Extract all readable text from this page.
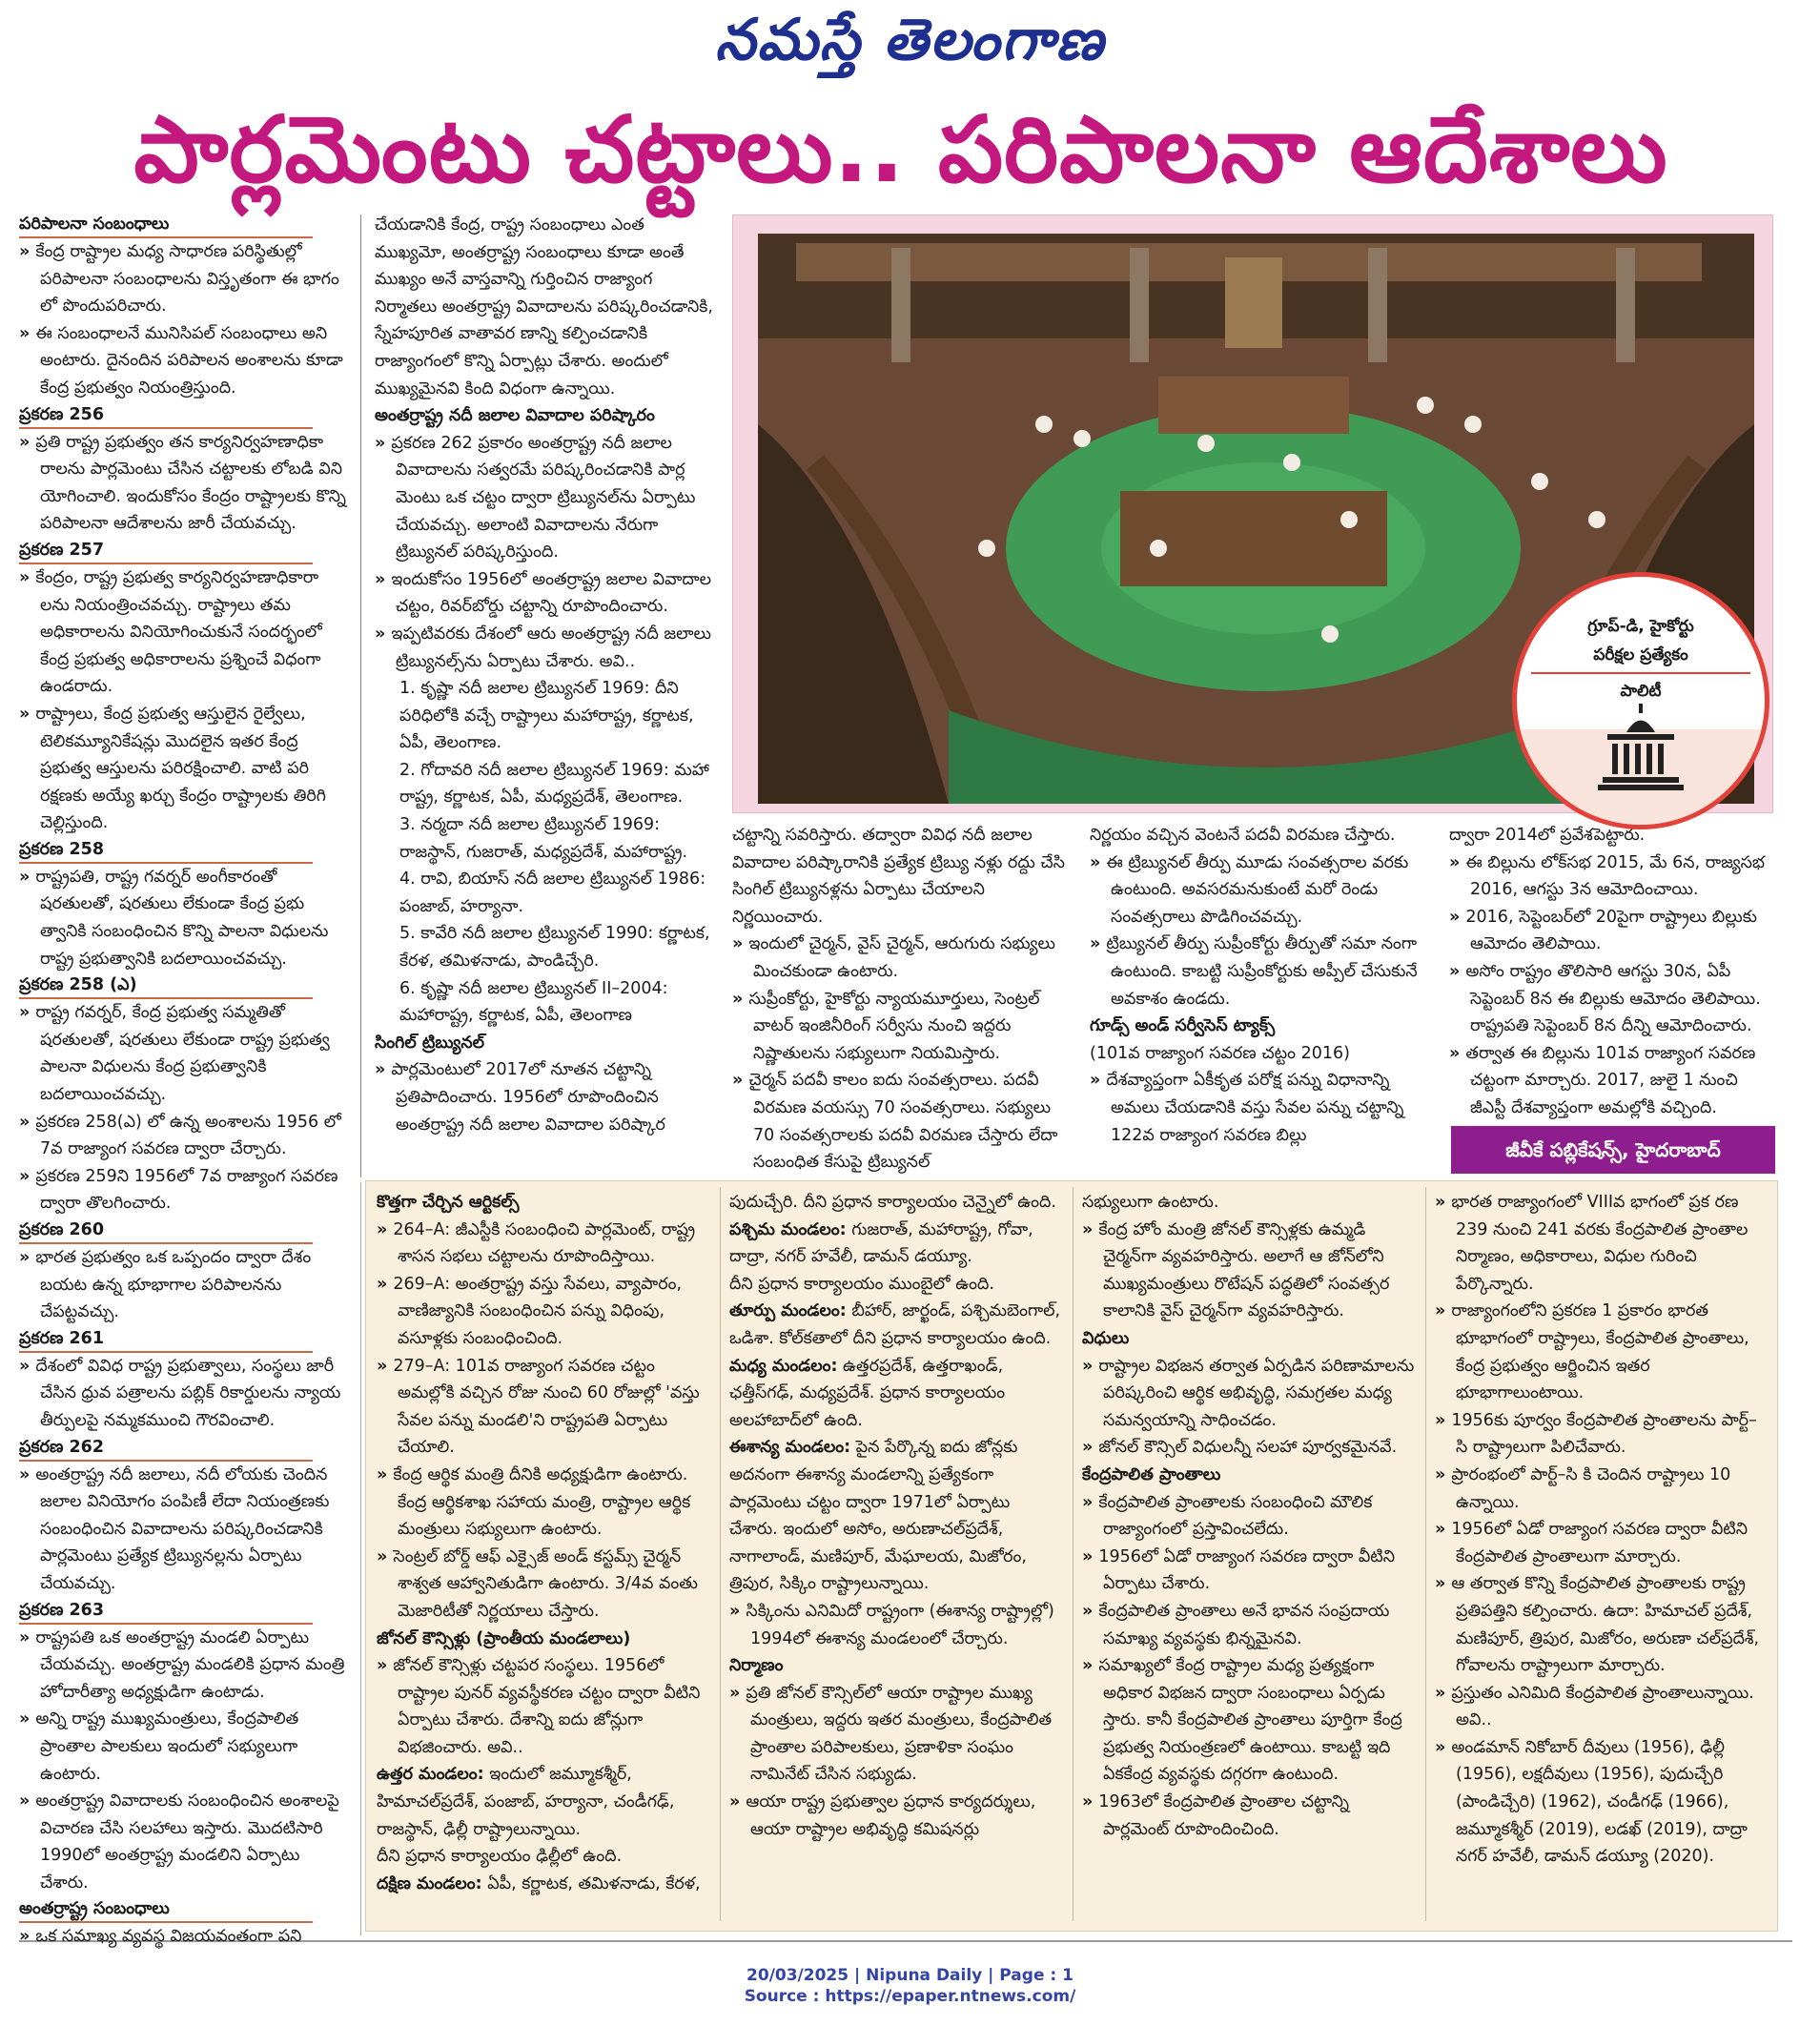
నమస్తే తెలంగాణ
పార్లమెంటు చట్టాలు.. పరిపాలనా ఆదేశాలు

పరిపాలనా సంబంధాలు

» కేంద్ర రాష్ట్రాల మధ్య సాధారణ పరిస్థితుల్లో పరిపాలనా సంబంధాలను విస్తృతంగా ఈ భాగం లో పొందుపరిచారు.

» ఈ సంబంధాలనే మునిసిపల్ సంబంధాలు అని అంటారు. దైనందిన పరిపాలన అంశాలను కూడా కేంద్ర ప్రభుత్వం నియంత్రిస్తుంది.

ప్రకరణ 256

» ప్రతి రాష్ట్ర ప్రభుత్వం తన కార్యనిర్వహణాధికా రాలను పార్లమెంటు చేసిన చట్టాలకు లోబడి విని యోగించాలి. ఇందుకోసం కేంద్రం రాష్ట్రాలకు కొన్ని పరిపాలనా ఆదేశాలను జారీ చేయవచ్చు.

ప్రకరణ 257

» కేంద్రం, రాష్ట్ర ప్రభుత్వ కార్యనిర్వహణాధికారా లను నియంత్రించవచ్చు. రాష్ట్రాలు తమ అధికారాలను వినియోగించుకునే సందర్భంలో కేంద్ర ప్రభుత్వ అధికారాలను ప్రశ్నించే విధంగా ఉండరాదు.

» రాష్ట్రాలు, కేంద్ర ప్రభుత్వ ఆస్తులైన రైల్వేలు, టెలికమ్యూనికేషన్లు మొదలైన ఇతర కేంద్ర ప్రభుత్వ ఆస్తులను పరిరక్షించాలి. వాటి పరి రక్షణకు అయ్యే ఖర్చు కేంద్రం రాష్ట్రాలకు తిరిగి చెల్లిస్తుంది.

ప్రకరణ 258

» రాష్ట్రపతి, రాష్ట్ర గవర్నర్ అంగీకారంతో షరతులతో, షరతులు లేకుండా కేంద్ర ప్రభు త్వానికి సంబంధించిన కొన్ని పాలనా విధులను రాష్ట్ర ప్రభుత్వానికి బదలాయించవచ్చు.

ప్రకరణ 258 (ఎ)

» రాష్ట్ర గవర్నర్, కేంద్ర ప్రభుత్వ సమ్మతితో షరతులతో, షరతులు లేకుండా రాష్ట్ర ప్రభుత్వ పాలనా విధులను కేంద్ర ప్రభుత్వానికి బదలాయించవచ్చు.

» ప్రకరణ 258(ఎ) లో ఉన్న అంశాలను 1956 లో 7వ రాజ్యాంగ సవరణ ద్వారా చేర్చారు.

» ప్రకరణ 259ని 1956లో 7వ రాజ్యాంగ సవరణ ద్వారా తొలగించారు.

ప్రకరణ 260

» భారత ప్రభుత్వం ఒక ఒప్పందం ద్వారా దేశం బయట ఉన్న భూభాగాల పరిపాలనను చేపట్టవచ్చు.

ప్రకరణ 261

» దేశంలో వివిధ రాష్ట్ర ప్రభుత్వాలు, సంస్థలు జారీ చేసిన ధ్రువ పత్రాలను పబ్లిక్ రికార్డులను న్యాయ తీర్పులపై నమ్మకముంచి గౌరవించాలి.

ప్రకరణ 262

» అంతర్రాష్ట్ర నదీ జలాలు, నదీ లోయకు చెందిన జలాల వినియోగం పంపిణీ లేదా నియంత్రణకు సంబంధించిన వివాదాలను పరిష్కరించడానికి పార్లమెంటు ప్రత్యేక ట్రిబ్యునల్లను ఏర్పాటు చేయవచ్చు.

ప్రకరణ 263

» రాష్ట్రపతి ఒక అంతర్రాష్ట్ర మండలి ఏర్పాటు చేయవచ్చు. అంతర్రాష్ట్ర మండలికి ప్రధాన మంత్రి హోదారీత్యా అధ్యక్షుడిగా ఉంటాడు.

» అన్ని రాష్ట్ర ముఖ్యమంత్రులు, కేంద్రపాలిత ప్రాంతాల పాలకులు ఇందులో సభ్యులుగా ఉంటారు.

» అంతర్రాష్ట్ర వివాదాలకు సంబంధించిన అంశాలపై విచారణ చేసి సలహాలు ఇస్తారు. మొదటిసారి 1990లో అంతర్రాష్ట్ర మండలిని ఏర్పాటు చేశారు.

అంతర్రాష్ట్ర సంబంధాలు

» ఒక సమాఖ్య వ్యవస్థ విజయవంతంగా పని

చేయడానికి కేంద్ర, రాష్ట్ర సంబంధాలు ఎంత ముఖ్యమో, అంతర్రాష్ట్ర సంబంధాలు కూడా అంతే ముఖ్యం అనే వాస్తవాన్ని గుర్తించిన రాజ్యాంగ నిర్మాతలు అంతర్రాష్ట్ర వివాదాలను పరిష్కరించడానికి, స్నేహపూరిత వాతావర ణాన్ని కల్పించడానికి రాజ్యాంగంలో కొన్ని ఏర్పాట్లు చేశారు. అందులో ముఖ్యమైనవి కింది విధంగా ఉన్నాయి.

అంతర్రాష్ట్ర నదీ జలాల వివాదాల పరిష్కారం

» ప్రకరణ 262 ప్రకారం అంతర్రాష్ట్ర నదీ జలాల వివాదాలను సత్వరమే పరిష్కరించడానికి పార్ల మెంటు ఒక చట్టం ద్వారా ట్రిబ్యునల్‌ను ఏర్పాటు చేయవచ్చు. అలాంటి వివాదాలను నేరుగా ట్రిబ్యునల్ పరిష్కరిస్తుంది.

» ఇందుకోసం 1956లో అంతర్రాష్ట్ర జలాల వివాదాల చట్టం, రివర్‌బోర్డు చట్టాన్ని రూపొందించారు.

» ఇప్పటివరకు దేశంలో ఆరు అంతర్రాష్ట్ర నదీ జలాలు ట్రిబ్యునల్స్‌ను ఏర్పాటు చేశారు. అవి..

1. కృష్ణా నదీ జలాల ట్రిబ్యునల్ 1969: దీని పరిధిలోకి వచ్చే రాష్ట్రాలు మహారాష్ట్ర, కర్ణాటక, ఏపీ, తెలంగాణ.

2. గోదావరి నదీ జలాల ట్రిబ్యునల్ 1969: మహా రాష్ట్ర, కర్ణాటక, ఏపీ, మధ్యప్రదేశ్, తెలంగాణ.

3. నర్మదా నదీ జలాల ట్రిబ్యునల్ 1969: రాజస్థాన్, గుజరాత్, మధ్యప్రదేశ్, మహారాష్ట్ర.

4. రావి, బియాస్ నదీ జలాల ట్రిబ్యునల్ 1986: పంజాబ్, హర్యానా.

5. కావేరి నదీ జలాల ట్రిబ్యునల్ 1990: కర్ణాటక, కేరళ, తమిళనాడు, పాండిచ్చేరి.

6. కృష్ణా నదీ జలాల ట్రిబ్యునల్ II–2004: మహారాష్ట్ర, కర్ణాటక, ఏపీ, తెలంగాణ

సింగిల్ ట్రిబ్యునల్

» పార్లమెంటులో 2017లో నూతన చట్టాన్ని ప్రతిపాదించారు. 1956లో రూపొందించిన అంతర్రాష్ట్ర నదీ జలాల వివాదాల పరిష్కార

చట్టాన్ని సవరిస్తారు. తద్వారా వివిధ నదీ జలాల వివాదాల పరిష్కారానికి ప్రత్యేక ట్రిబ్యు నళ్లు రద్దు చేసి సింగిల్ ట్రిబ్యునళ్లను ఏర్పాటు చేయాలని నిర్ణయించారు.

» ఇందులో చైర్మన్, వైస్ చైర్మన్, ఆరుగురు సభ్యులు మించకుండా ఉంటారు.

» సుప్రీంకోర్టు, హైకోర్టు న్యాయమూర్తులు, సెంట్రల్ వాటర్ ఇంజినీరింగ్ సర్వీసు నుంచి ఇద్దరు నిష్ణాతులను సభ్యులుగా నియమిస్తారు.

» చైర్మన్ పదవీ కాలం ఐదు సంవత్సరాలు. పదవీ విరమణ వయస్సు 70 సంవత్సరాలు. సభ్యులు 70 సంవత్సరాలకు పదవీ విరమణ చేస్తారు లేదా సంబంధిత కేసుపై ట్రిబ్యునల్

నిర్ణయం వచ్చిన వెంటనే పదవీ విరమణ చేస్తారు.

» ఈ ట్రిబ్యునల్ తీర్పు మూడు సంవత్సరాల వరకు ఉంటుంది. అవసరమనుకుంటే మరో రెండు సంవత్సరాలు పొడిగించవచ్చు.

» ట్రిబ్యునల్ తీర్పు సుప్రీంకోర్టు తీర్పుతో సమా నంగా ఉంటుంది. కాబట్టి సుప్రీంకోర్టుకు అప్పీల్ చేసుకునే అవకాశం ఉండదు.

గూడ్స్ అండ్ సర్వీసెస్ ట్యాక్స్

(101వ రాజ్యాంగ సవరణ చట్టం 2016)

» దేశవ్యాప్తంగా ఏకీకృత పరోక్ష పన్ను విధానాన్ని అమలు చేయడానికి వస్తు సేవల పన్ను చట్టాన్ని 122వ రాజ్యాంగ సవరణ బిల్లు

ద్వారా 2014లో ప్రవేశపెట్టారు.

» ఈ బిల్లును లోక్‌సభ 2015, మే 6న, రాజ్యసభ 2016, ఆగస్టు 3న ఆమోదించాయి.

» 2016, సెప్టెంబర్‌లో 20పైగా రాష్ట్రాలు బిల్లుకు ఆమోదం తెలిపాయి.

» అసోం రాష్ట్రం తొలిసారి ఆగస్టు 30న, ఏపీ సెప్టెంబర్ 8న ఈ బిల్లుకు ఆమోదం తెలిపాయి. రాష్ట్రపతి సెప్టెంబర్ 8న దీన్ని ఆమోదించారు.

» తర్వాత ఈ బిల్లును 101వ రాజ్యాంగ సవరణ చట్టంగా మార్చారు. 2017, జులై 1 నుంచి జీఎస్టీ దేశవ్యాప్తంగా అమల్లోకి వచ్చింది.

గ్రూప్-డి, హైకోర్టు
పరీక్షల ప్రత్యేకం
పాలిటీ
జీవీకే పబ్లికేషన్స్, హైదరాబాద్

కొత్తగా చేర్చిన ఆర్టికల్స్

» 264–A: జీఎస్టీకి సంబంధించి పార్లమెంట్, రాష్ట్ర శాసన సభలు చట్టాలను రూపొందిస్తాయి.

» 269–A: అంతర్రాష్ట్ర వస్తు సేవలు, వ్యాపారం, వాణిజ్యానికి సంబంధించిన పన్ను విధింపు, వసూళ్లకు సంబంధించింది.

» 279–A: 101వ రాజ్యాంగ సవరణ చట్టం అమల్లోకి వచ్చిన రోజు నుంచి 60 రోజుల్లో 'వస్తు సేవల పన్ను మండలి'ని రాష్ట్రపతి ఏర్పాటు చేయాలి.

» కేంద్ర ఆర్థిక మంత్రి దీనికి అధ్యక్షుడిగా ఉంటారు. కేంద్ర ఆర్థికశాఖ సహాయ మంత్రి, రాష్ట్రాల ఆర్థిక మంత్రులు సభ్యులుగా ఉంటారు.

» సెంట్రల్ బోర్డ్ ఆఫ్ ఎక్సైజ్ అండ్ కస్టమ్స్ చైర్మన్ శాశ్వత ఆహ్వానితుడిగా ఉంటారు. 3/4వ వంతు మెజారిటీతో నిర్ణయాలు చేస్తారు.

జోనల్ కౌన్సిళ్లు (ప్రాంతీయ మండలాలు)

» జోనల్ కౌన్సిళ్లు చట్టపర సంస్థలు. 1956లో రాష్ట్రాల పునర్ వ్యవస్థీకరణ చట్టం ద్వారా వీటిని ఏర్పాటు చేశారు. దేశాన్ని ఐదు జోన్లుగా విభజించారు. అవి..

ఉత్తర మండలం: ఇందులో జమ్మూకశ్మీర్, హిమాచల్‌ప్రదేశ్, పంజాబ్, హర్యానా, చండీగఢ్, రాజస్థాన్, ఢిల్లీ రాష్ట్రాలున్నాయి.

దీని ప్రధాన కార్యాలయం ఢిల్లీలో ఉంది.

దక్షిణ మండలం: ఏపీ, కర్ణాటక, తమిళనాడు, కేరళ,

పుదుచ్చేరి. దీని ప్రధాన కార్యాలయం చెన్నైలో ఉంది.

పశ్చిమ మండలం: గుజరాత్, మహారాష్ట్ర, గోవా, దాద్రా, నగర్ హవేలీ, డామన్ డయ్యూ.

దీని ప్రధాన కార్యాలయం ముంబైలో ఉంది.

తూర్పు మండలం: బీహార్, జార్ఖండ్, పశ్చిమబెంగాల్, ఒడిశా. కోల్‌కతాలో దీని ప్రధాన కార్యాలయం ఉంది.

మధ్య మండలం: ఉత్తరప్రదేశ్, ఉత్తరాఖండ్, ఛత్తీస్‌గఢ్, మధ్యప్రదేశ్. ప్రధాన కార్యాలయం అలహాబాద్‌లో ఉంది.

ఈశాన్య మండలం: పైన పేర్కొన్న ఐదు జోన్లకు అదనంగా ఈశాన్య మండలాన్ని ప్రత్యేకంగా పార్లమెంటు చట్టం ద్వారా 1971లో ఏర్పాటు చేశారు. ఇందులో అసోం, అరుణాచల్‌ప్రదేశ్, నాగాలాండ్, మణిపూర్, మేఘాలయ, మిజోరం, త్రిపుర, సిక్కిం రాష్ట్రాలున్నాయి.

» సిక్కింను ఎనిమిదో రాష్ట్రంగా (ఈశాన్య రాష్ట్రాల్లో) 1994లో ఈశాన్య మండలంలో చేర్చారు.

నిర్మాణం

» ప్రతి జోనల్ కౌన్సిల్‌లో ఆయా రాష్ట్రాల ముఖ్య మంత్రులు, ఇద్దరు ఇతర మంత్రులు, కేంద్రపాలిత ప్రాంతాల పరిపాలకులు, ప్రణాళికా సంఘం నామినేట్ చేసిన సభ్యుడు.

» ఆయా రాష్ట్ర ప్రభుత్వాల ప్రధాన కార్యదర్శులు, ఆయా రాష్ట్రాల అభివృద్ధి కమిషనర్లు

సభ్యులుగా ఉంటారు.

» కేంద్ర హోం మంత్రి జోనల్ కౌన్సిళ్లకు ఉమ్మడి చైర్మన్‌గా వ్యవహరిస్తారు. అలాగే ఆ జోన్‌లోని ముఖ్యమంత్రులు రొటేషన్ పద్ధతిలో సంవత్సర కాలానికి వైస్ చైర్మన్‌గా వ్యవహరిస్తారు.

విధులు

» రాష్ట్రాల విభజన తర్వాత ఏర్పడిన పరిణామాలను పరిష్కరించి ఆర్థిక అభివృద్ధి, సమగ్రతల మధ్య సమన్వయాన్ని సాధించడం.

» జోనల్ కౌన్సిల్ విధులన్నీ సలహా పూర్వకమైనవే.

కేంద్రపాలిత ప్రాంతాలు

» కేంద్రపాలిత ప్రాంతాలకు సంబంధించి మౌలిక రాజ్యాంగంలో ప్రస్తావించలేదు.

» 1956లో ఏడో రాజ్యాంగ సవరణ ద్వారా వీటిని ఏర్పాటు చేశారు.

» కేంద్రపాలిత ప్రాంతాలు అనే భావన సంప్రదాయ సమాఖ్య వ్యవస్థకు భిన్నమైనవి.

» సమాఖ్యలో కేంద్ర రాష్ట్రాల మధ్య ప్రత్యక్షంగా అధికార విభజన ద్వారా సంబంధాలు ఏర్పడు స్తారు. కానీ కేంద్రపాలిత ప్రాంతాలు పూర్తిగా కేంద్ర ప్రభుత్వ నియంత్రణలో ఉంటాయి. కాబట్టి ఇది ఏకకేంద్ర వ్యవస్థకు దగ్గరగా ఉంటుంది.

» 1963లో కేంద్రపాలిత ప్రాంతాల చట్టాన్ని పార్లమెంట్ రూపొందించింది.

» భారత రాజ్యాంగంలో VIIIవ భాగంలో ప్రక రణ 239 నుంచి 241 వరకు కేంద్రపాలిత ప్రాంతాల నిర్మాణం, అధికారాలు, విధుల గురించి పేర్కొన్నారు.

» రాజ్యాంగంలోని ప్రకరణ 1 ప్రకారం భారత భూభాగంలో రాష్ట్రాలు, కేంద్రపాలిత ప్రాంతాలు, కేంద్ర ప్రభుత్వం ఆర్జించిన ఇతర భూభాగాలుంటాయి.

» 1956కు పూర్వం కేంద్రపాలిత ప్రాంతాలను పార్ట్–సి రాష్ట్రాలుగా పిలిచేవారు.

» ప్రారంభంలో పార్ట్–సి కి చెందిన రాష్ట్రాలు 10 ఉన్నాయి.

» 1956లో ఏడో రాజ్యాంగ సవరణ ద్వారా వీటిని కేంద్రపాలిత ప్రాంతాలుగా మార్చారు.

» ఆ తర్వాత కొన్ని కేంద్రపాలిత ప్రాంతాలకు రాష్ట్ర ప్రతిపత్తిని కల్పించారు. ఉదా: హిమాచల్ ప్రదేశ్, మణిపూర్, త్రిపుర, మిజోరం, అరుణా చల్‌ప్రదేశ్, గోవాలను రాష్ట్రాలుగా మార్చారు.

» ప్రస్తుతం ఎనిమిది కేంద్రపాలిత ప్రాంతాలున్నాయి. అవి..

» అండమాన్ నికోబార్ దీవులు (1956), ఢిల్లీ (1956), లక్షదీవులు (1956), పుదుచ్చేరి (పాండిచ్చేరి) (1962), చండీగఢ్ (1966), జమ్మూకశ్మీర్ (2019), లడఖ్ (2019), దాద్రా నగర్ హవేలీ, డామన్ డయ్యూ (2020).

20/03/2025 | Nipuna Daily | Page : 1
Source : https://epaper.ntnews.com/
